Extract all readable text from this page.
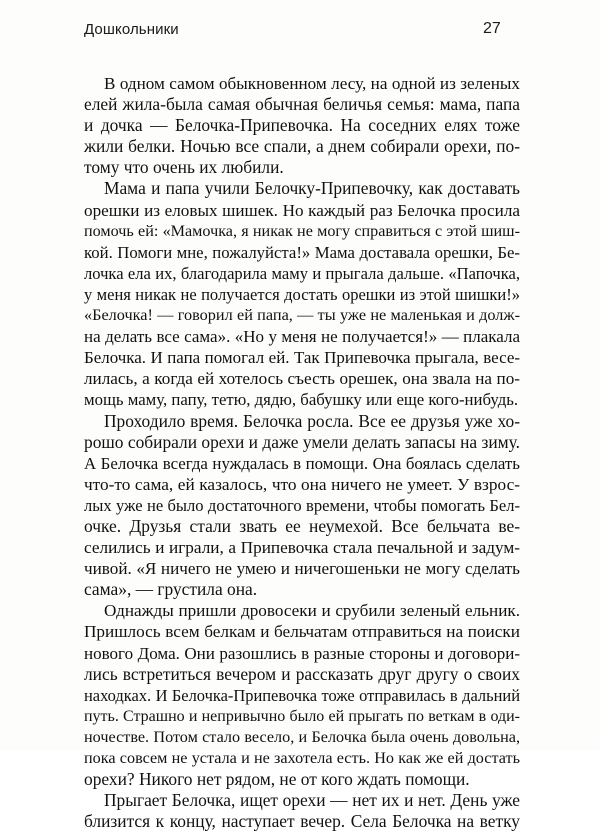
Дошкольники	27
В одном самом обыкновенном лесу, на одной из зеленых
елей жила-была самая обычная беличья семья: мама, папа
и дочка — Белочка-Припевочка. На соседних елях тоже
жили белки. Ночью все спали, а днем собирали орехи, по-
тому что очень их любили.
Мама и папа учили Белочку-Припевочку, как доставать
орешки из еловых шишек. Но каждый раз Белочка просила
помочь ей: «Мамочка, я никак не могу справиться с этой шиш-
кой. Помоги мне, пожалуйста!» Мама доставала орешки, Бе-
лочка ела их, благодарила маму и прыгала дальше. «Папочка,
у меня никак не получается достать орешки из этой шишки!»
«Белочка! — говорил ей папа, — ты уже не маленькая и долж-
на делать все сама». «Но у меня не получается!» — плакала
Белочка. И папа помогал ей. Так Припевочка прыгала, весе-
лилась, а когда ей хотелось съесть орешек, она звала на по-
мощь маму, папу, тетю, дядю, бабушку или еще кого-нибудь.
Проходило время. Белочка росла. Все ее друзья уже хо-
рошо собирали орехи и даже умели делать запасы на зиму.
А Белочка всегда нуждалась в помощи. Она боялась сделать
что-то сама, ей казалось, что она ничего не умеет. У взрос-
лых уже не было достаточного времени, чтобы помогать Бел-
очке. Друзья стали звать ее неумехой. Все бельчата ве-
селились и играли, а Припевочка стала печальной и задум-
чивой. «Я ничего не умею и ничегошеньки не могу сделать
сама», — грустила она.
Однажды пришли дровосеки и срубили зеленый ельник.
Пришлось всем белкам и бельчатам отправиться на поиски
нового Дома. Они разошлись в разные стороны и договори-
лись встретиться вечером и рассказать друг другу о своих
находках. И Белочка-Припевочка тоже отправилась в дальний
путь. Страшно и непривычно было ей прыгать по веткам в оди-
ночестве. Потом стало весело, и Белочка была очень довольна,
пока совсем не устала и не захотела есть. Но как же ей достать
орехи? Никого нет рядом, не от кого ждать помощи.
Прыгает Белочка, ищет орехи — нет их и нет. День уже
близится к концу, наступает вечер. Села Белочка на ветку
